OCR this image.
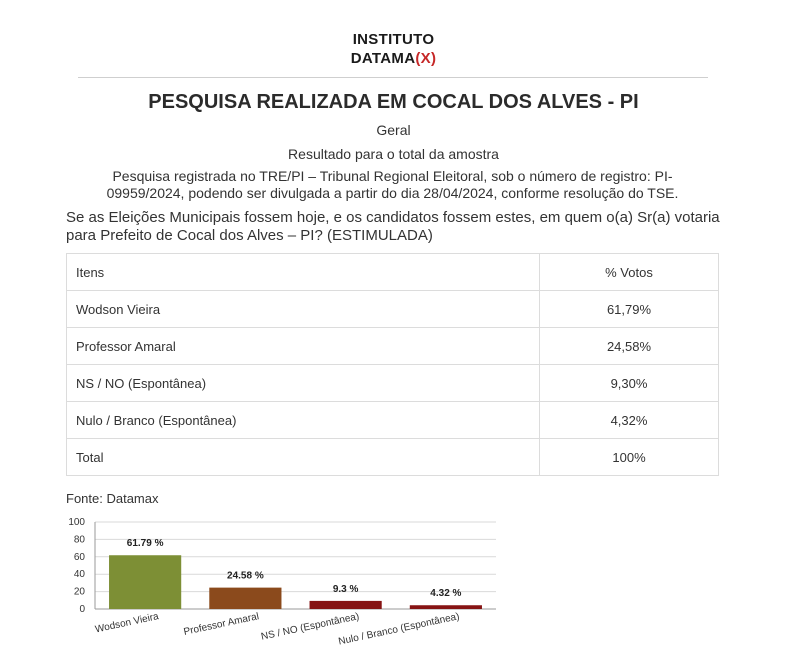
INSTITUTO
DATAMA(X)
PESQUISA REALIZADA EM COCAL DOS ALVES - PI
Geral
Resultado para o total da amostra
Pesquisa registrada no TRE/PI – Tribunal Regional Eleitoral, sob o número de registro: PI-09959/2024, podendo ser divulgada a partir do dia 28/04/2024, conforme resolução do TSE.
Se as Eleições Municipais fossem hoje, e os candidatos fossem estes, em quem o(a) Sr(a) votaria para Prefeito de Cocal dos Alves – PI? (ESTIMULADA)
Itens	% Votos
Wodson Vieira	61,79%
Professor Amaral	24,58%
NS / NO (Espontânea)	9,30%
Nulo / Branco (Espontânea)	4,32%
Total	100%
Fonte: Datamax
0
20
40
60
80
100
61.79 %
Wodson Vieira
24.58 %
Professor Amaral
9.3 %
NS / NO (Espontânea)
4.32 %
Nulo / Branco (Espontânea)
